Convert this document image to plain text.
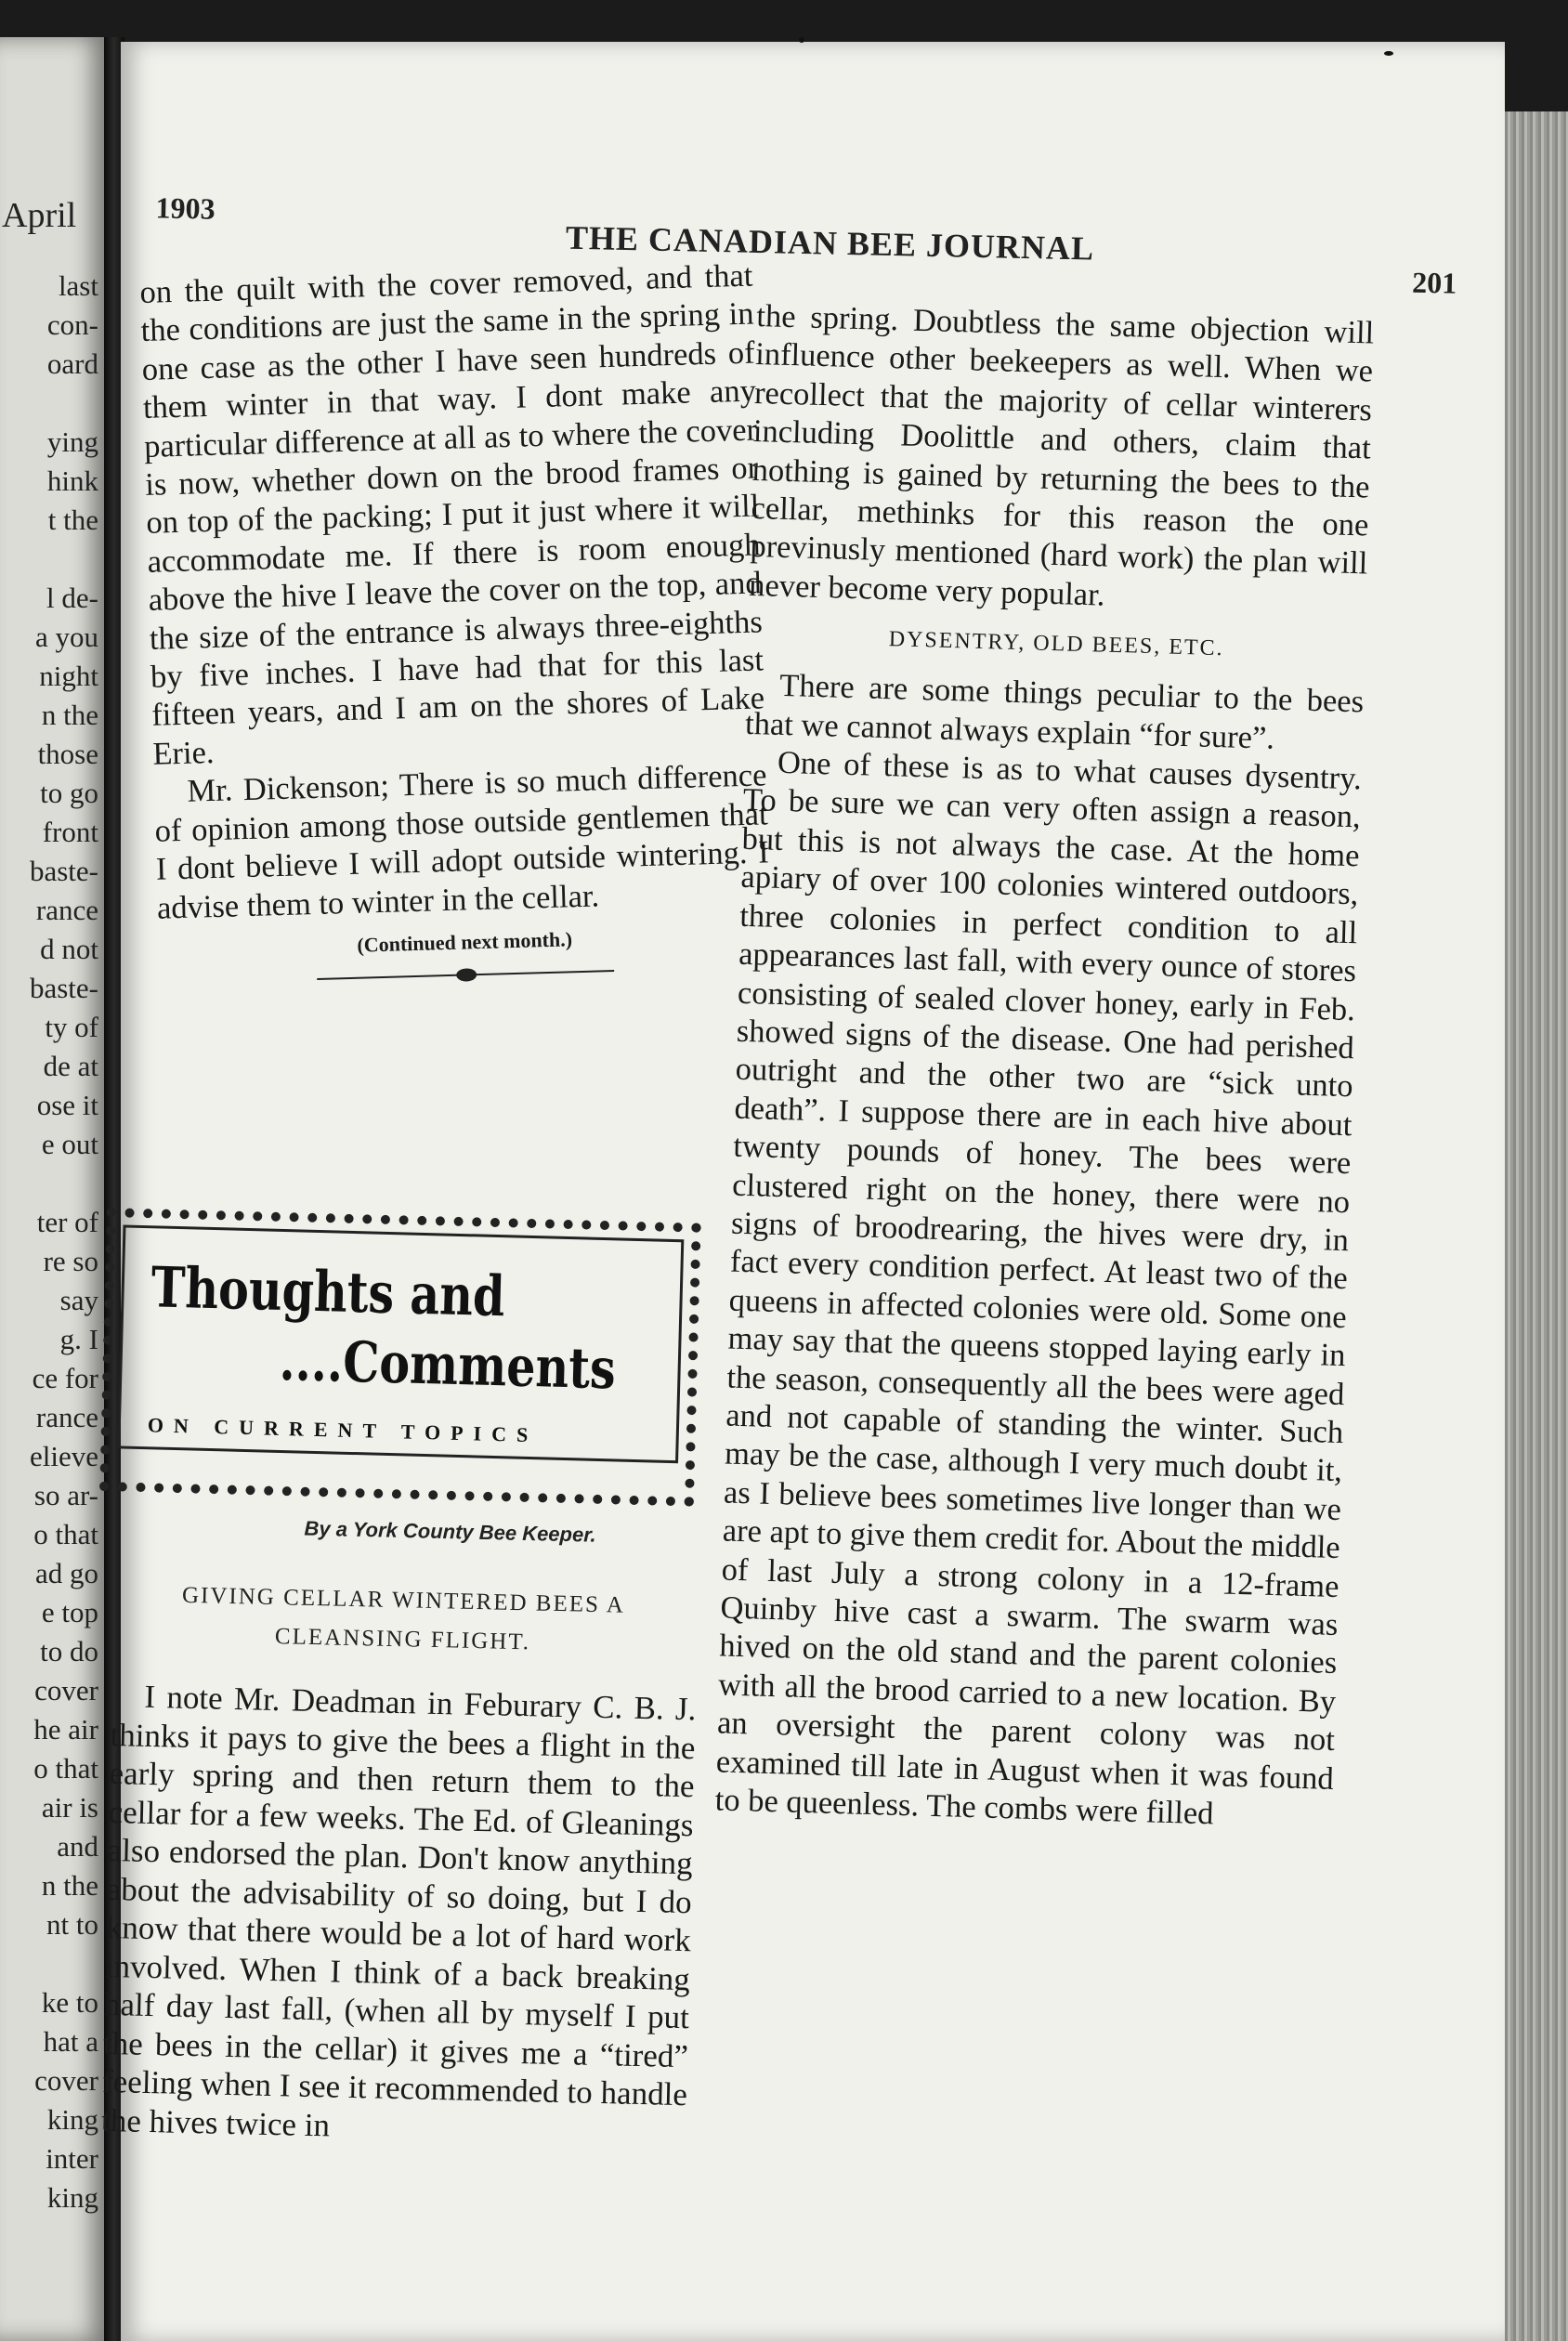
April
last
con-
oard
ying
hink
t the
l de-
a you
night
n the
those
to go
front
baste-
rance
d not
baste-
ty of
de at
ose it
e out
ter of
re so
say
g. I
ce for
rance
elieve
so ar-
o that
ad go
e top
to do
cover
he air
o that
air is
and
n the
nt to
ke to
hat a
cover
king
inter
king
1903
THE CANADIAN BEE JOURNAL
201

on the quilt with the cover removed, and that the conditions are just the same in the spring in one case as the other I have seen hundreds of them winter in that way. I dont make any particular difference at all as to where the cover is now, whether down on the brood frames or on top of the packing; I put it just where it will accommodate me. If there is room enough above the hive I leave the cover on the top, and the size of the entrance is always three-eighths by five inches. I have had that for this last fifteen years, and I am on the shores of Lake Erie.

Mr. Dickenson; There is so much difference of opinion among those outside gentlemen that I dont believe I will adopt outside wintering. I advise them to winter in the cellar.

(Continued next month.)

Thoughts and
....Comments
ON CURRENT TOPICS
By a York County Bee Keeper.
GIVING CELLAR WINTERED BEES A
CLEANSING FLIGHT.

I note Mr. Deadman in Feburary C. B. J. thinks it pays to give the bees a flight in the early spring and then return them to the cellar for a few weeks. The Ed. of Gleanings also endorsed the plan. Don't know anything about the advisability of so doing, but I do know that there would be a lot of hard work involved. When I think of a back breaking half day last fall, (when all by myself I put the bees in the cellar) it gives me a “tired” feeling when I see it recommended to handle the hives twice in

the spring. Doubtless the same objection will influence other beekeepers as well. When we recollect that the majority of cellar winterers including Doolittle and others, claim that nothing is gained by returning the bees to the cellar, methinks for this reason the one previnusly mentioned (hard work) the plan will never become very popular.

DYSENTRY, OLD BEES, ETC.

There are some things peculiar to the bees that we cannot always explain “for sure”.

One of these is as to what causes dysentry. To be sure we can very often assign a reason, but this is not always the case. At the home apiary of over 100 colonies wintered outdoors, three colonies in perfect condition to all appearances last fall, with every ounce of stores consisting of sealed clover honey, early in Feb. showed signs of the disease. One had perished outright and the other two are “sick unto death”. I suppose there are in each hive about twenty pounds of honey. The bees were clustered right on the honey, there were no signs of broodrearing, the hives were dry, in fact every condition perfect. At least two of the queens in affected colonies were old. Some one may say that the queens stopped laying early in the season, consequently all the bees were aged and not capable of standing the winter. Such may be the case, although I very much doubt it, as I believe bees sometimes live longer than we are apt to give them credit for. About the middle of last July a strong colony in a 12-frame Quinby hive cast a swarm. The swarm was hived on the old stand and the parent colonies with all the brood carried to a new location. By an oversight the parent colony was not examined till late in August when it was found to be queenless. The combs were filled
